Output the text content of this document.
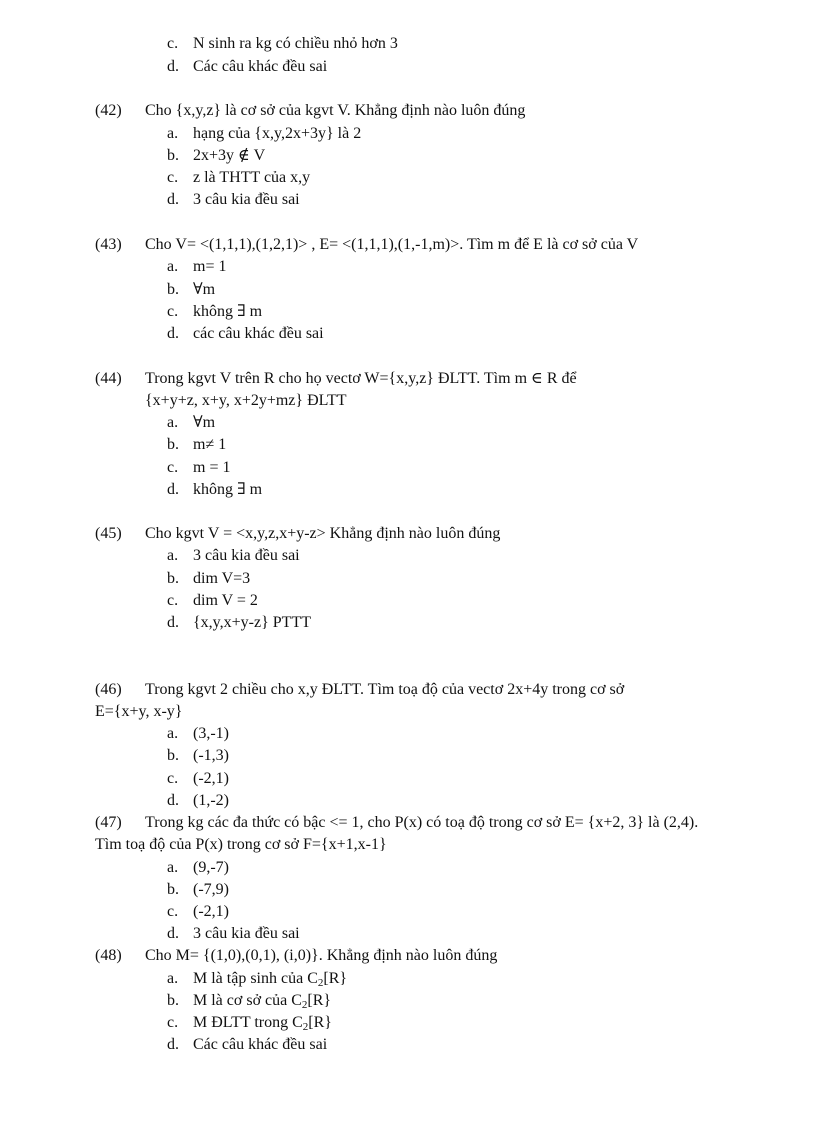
c. N sinh ra kg có chiều nhỏ hơn 3
d. Các câu khác đều sai
(42) Cho {x,y,z} là cơ sở của kgvt V. Khẳng định nào luôn đúng
a. hạng của {x,y,2x+3y} là 2
b. 2x+3y ∉ V
c. z là THTT của x,y
d. 3 câu kia đều sai
(43) Cho V= <(1,1,1),(1,2,1)> , E= <(1,1,1),(1,-1,m)>. Tìm m để E là cơ sở của V
a. m= 1
b. ∀m
c. không ∃ m
d. các câu khác đều sai
(44) Trong kgvt V trên R cho họ vectơ W={x,y,z} ĐLTT. Tìm m ∈ R để
{x+y+z, x+y, x+2y+mz} ĐLTT
a. ∀m
b. m≠ 1
c. m = 1
d. không ∃ m
(45) Cho kgvt V = <x,y,z,x+y-z> Khẳng định nào luôn đúng
a. 3 câu kia đều sai
b. dim V=3
c. dim V = 2
d. {x,y,x+y-z} PTTT
(46) Trong kgvt 2 chiều cho x,y ĐLTT. Tìm toạ độ của vectơ 2x+4y trong cơ sở
E={x+y, x-y}
a. (3,-1)
b. (-1,3)
c. (-2,1)
d. (1,-2)
(47) Trong kg các đa thức có bậc <= 1, cho P(x) có toạ độ trong cơ sở E= {x+2, 3} là (2,4).
Tìm toạ độ của P(x) trong cơ sở F={x+1,x-1}
a. (9,-7)
b. (-7,9)
c. (-2,1)
d. 3 câu kia đều sai
(48) Cho M= {(1,0),(0,1), (i,0)}. Khẳng định nào luôn đúng
a. M là tập sinh của $C_2[R\}$
b. M là cơ sở của $C_2[R\}$
c. M ĐLTT trong $C_2[R\}$
d. Các câu khác đều sai
